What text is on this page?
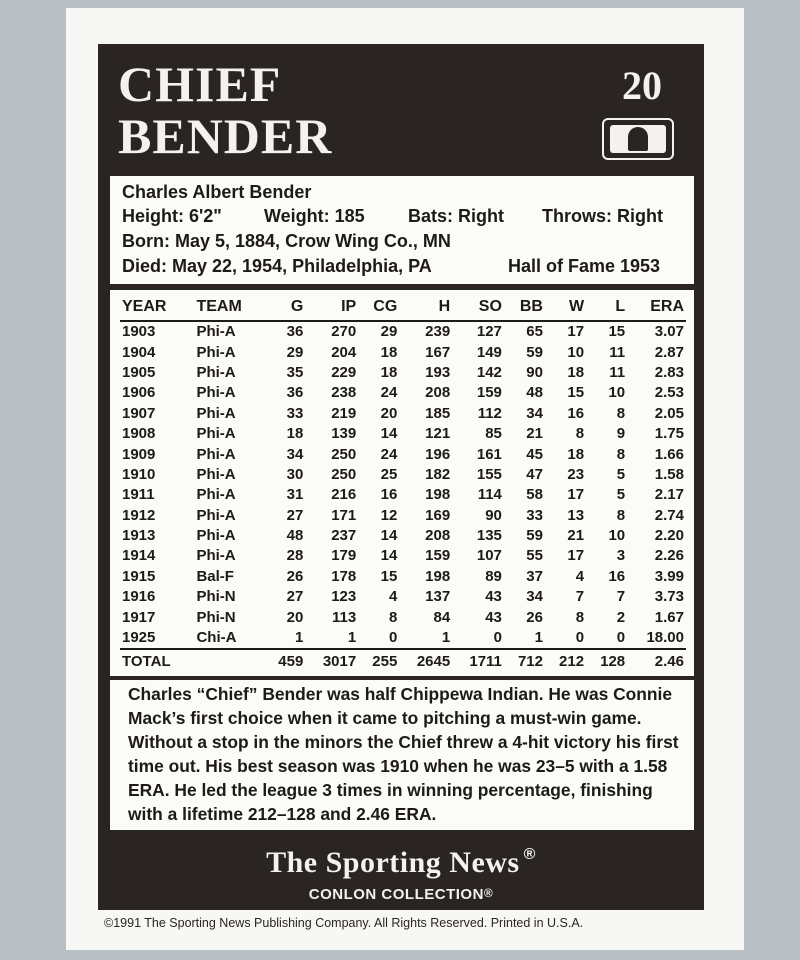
CHIEF
BENDER
20
Charles Albert Bender
Height: 6'2" Weight: 185 Bats: Right Throws: Right
Born: May 5, 1884, Crow Wing Co., MN
Died: May 22, 1954, Philadelphia, PA	Hall of Fame 1953
YEAR	TEAM	G	IP	CG	H	SO	BB	W	L	ERA
1903	Phi-A	36	270	29	239	127	65	17	15	3.07
1904	Phi-A	29	204	18	167	149	59	10	11	2.87
1905	Phi-A	35	229	18	193	142	90	18	11	2.83
1906	Phi-A	36	238	24	208	159	48	15	10	2.53
1907	Phi-A	33	219	20	185	112	34	16	8	2.05
1908	Phi-A	18	139	14	121	85	21	8	9	1.75
1909	Phi-A	34	250	24	196	161	45	18	8	1.66
1910	Phi-A	30	250	25	182	155	47	23	5	1.58
1911	Phi-A	31	216	16	198	114	58	17	5	2.17
1912	Phi-A	27	171	12	169	90	33	13	8	2.74
1913	Phi-A	48	237	14	208	135	59	21	10	2.20
1914	Phi-A	28	179	14	159	107	55	17	3	2.26
1915	Bal-F	26	178	15	198	89	37	4	16	3.99
1916	Phi-N	27	123	4	137	43	34	7	7	3.73
1917	Phi-N	20	113	8	84	43	26	8	2	1.67
1925	Chi-A	1	1	0	1	0	1	0	0	18.00
TOTAL		459	3017	255	2645	1711	712	212	128	2.46
Charles “Chief” Bender was half Chippewa Indian. He was Connie Mack’s first choice when it came to pitching a must-win game. Without a stop in the minors the Chief threw a 4-hit victory his first time out. His best season was 1910 when he was 23–5 with a 1.58 ERA. He led the league 3 times in winning percentage, finishing with a lifetime 212–128 and 2.46 ERA.
The Sporting News ®
CONLON COLLECTION®
©1991 The Sporting News Publishing Company. All Rights Reserved. Printed in U.S.A.
